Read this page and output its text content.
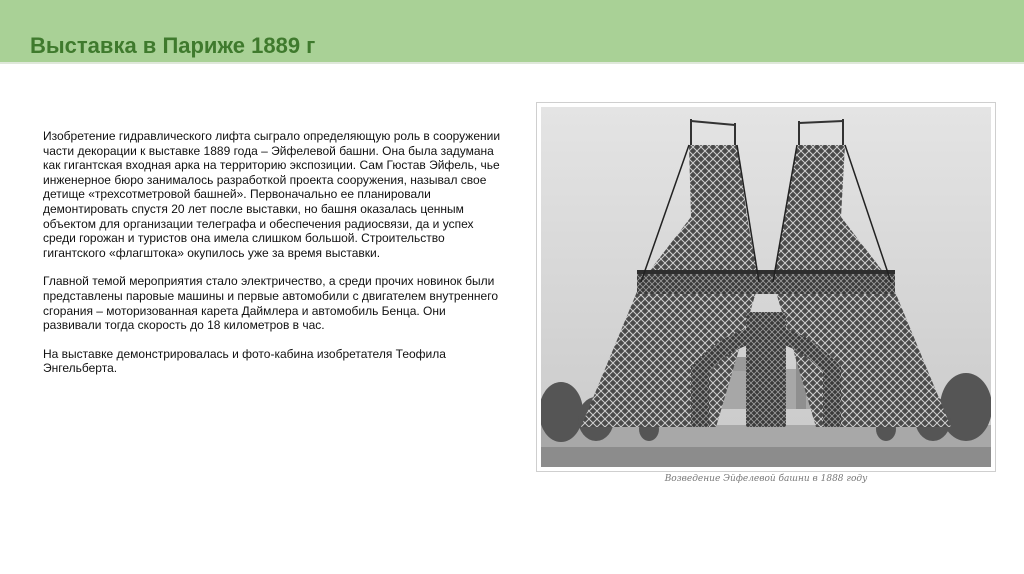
Выставка в Париже 1889 г

Изобретение гидравлического лифта сыграло определяющую роль в сооружении части декорации к выставке 1889 года – Эйфелевой башни. Она была задумана как гигантская входная арка на территорию экспозиции. Сам Гюстав Эйфель, чье инженерное бюро занималось разработкой проекта сооружения, называл свое детище «трехсотметровой башней». Первоначально ее планировали демонтировать спустя 20 лет после выставки, но башня оказалась ценным объектом для организации телеграфа и обеспечения радиосвязи, да и успех среди горожан и туристов она имела слишком большой. Строительство гигантского «флагштока» окупилось уже за время выставки.

Главной темой мероприятия стало электричество, а среди прочих новинок были представлены паровые машины и первые автомобили с двигателем внутреннего сгорания – моторизованная карета Даймлера и автомобиль Бенца. Они развивали тогда скорость до 18 километров в час.

На выставке демонстрировалась и фото-кабина изобретателя Теофила Энгельберта.

Возведение Эйфелевой башни в 1888 году
